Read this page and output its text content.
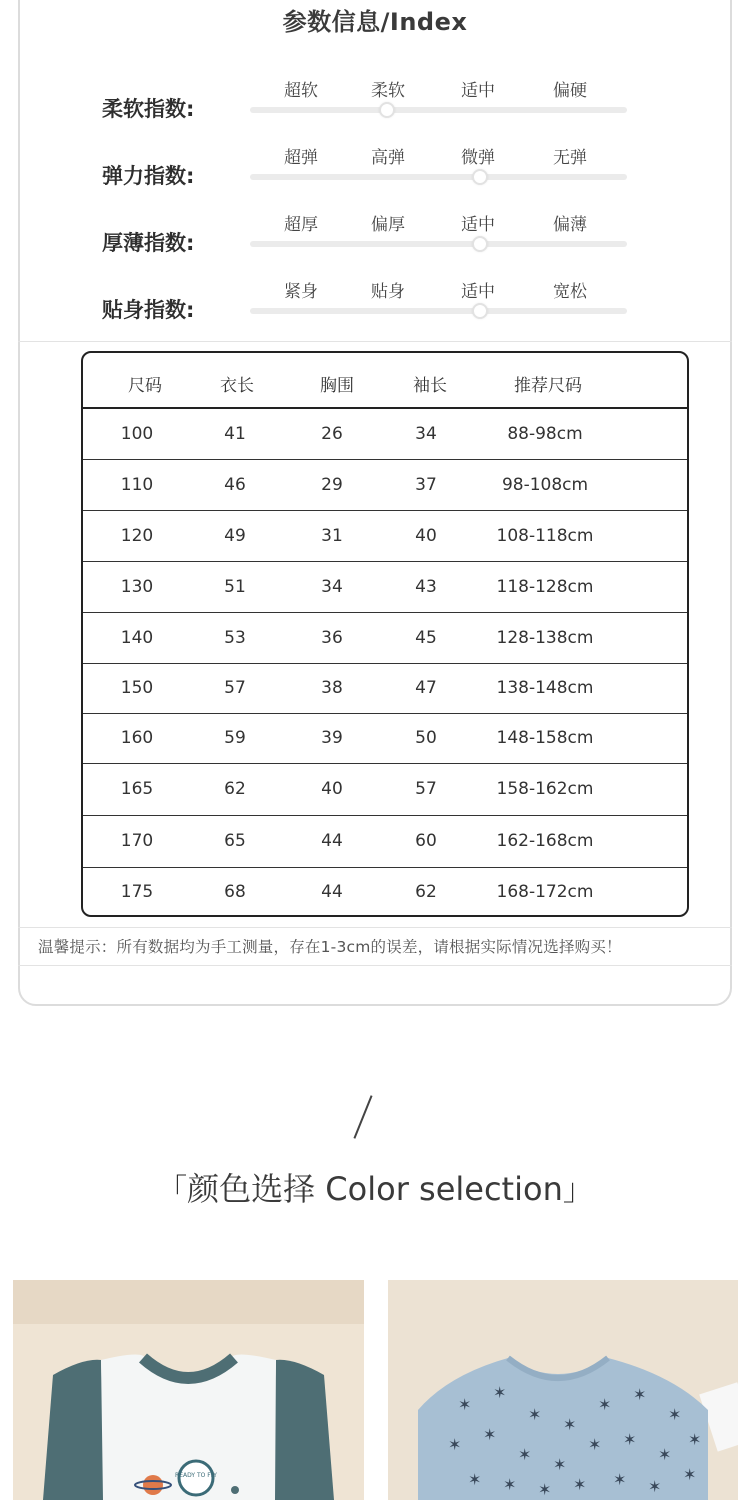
参数信息/Index
柔软指数:
超软	柔软	适中	偏硬
弹力指数:
超弹	高弹	微弹	无弹
厚薄指数:
超厚	偏厚	适中	偏薄
贴身指数:
紧身	贴身	适中	宽松
尺码	衣长	胸围	袖长	推荐尺码
100	41	26	34	88-98cm
110	46	29	37	98-108cm
120	49	31	40	108-118cm
130	51	34	43	118-128cm
140	53	36	45	128-138cm
150	57	38	47	138-148cm
160	59	39	50	148-158cm
165	62	40	57	158-162cm
170	65	44	60	162-168cm
175	68	44	62	168-172cm
温馨提示：所有数据均为手工测量，存在1-3cm的误差，请根据实际情况选择购买！
「颜色选择 Color selection」
READY TO FLY
✶
✶
✶
✶
✶
✶
✶
✶
✶
✶
✶
✶ ✶
✶
✶
✶ ✶ ✶ ✶ ✶ ✶
✶
